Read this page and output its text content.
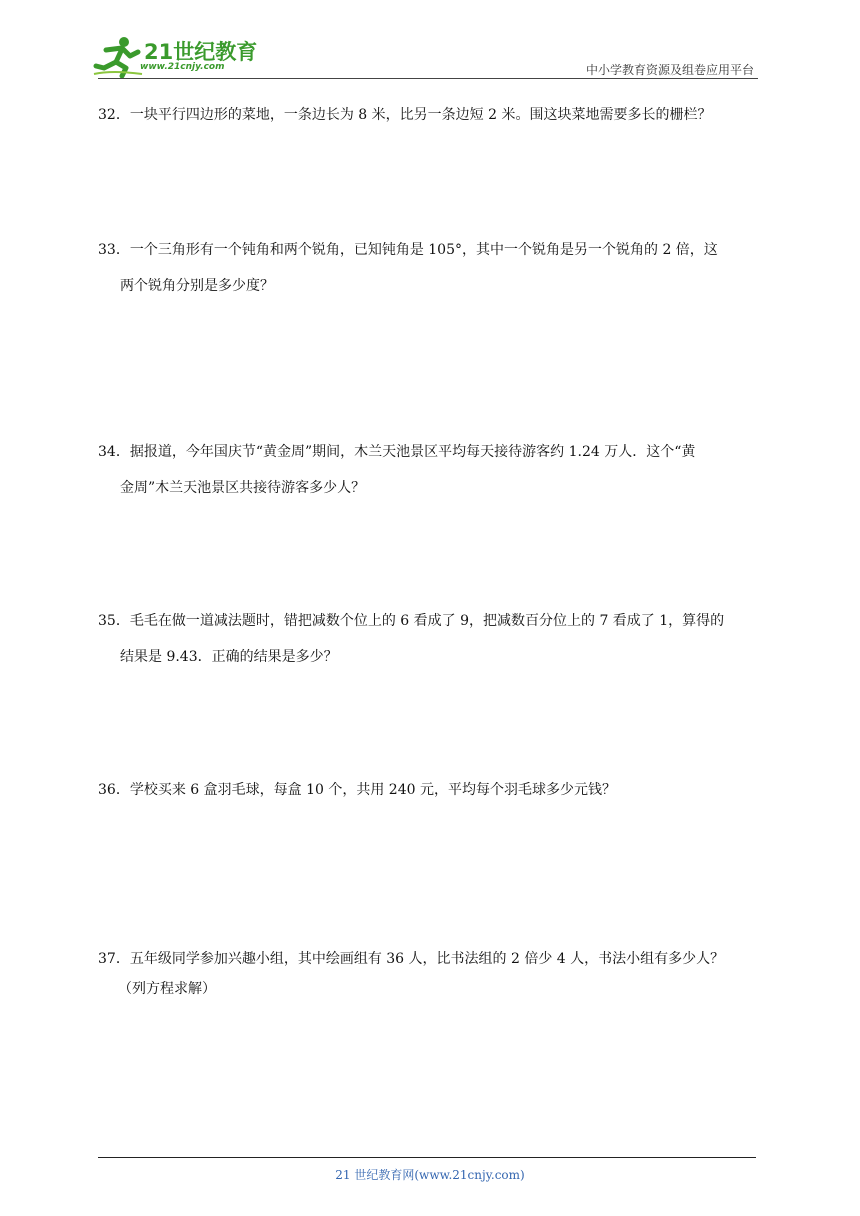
21世纪教育
www.21cnjy.com	中小学教育资源及组卷应用平台
32．一块平行四边形的菜地，一条边长为 8 米，比另一条边短 2 米。围这块菜地需要多长的栅栏？
33．一个三角形有一个钝角和两个锐角，已知钝角是 105°，其中一个锐角是另一个锐角的 2 倍，这
两个锐角分别是多少度？
34．据报道，今年国庆节“黄金周”期间，木兰天池景区平均每天接待游客约 1.24 万人．这个“黄
金周”木兰天池景区共接待游客多少人？
35．毛毛在做一道减法题时，错把减数个位上的 6 看成了 9，把减数百分位上的 7 看成了 1，算得的
结果是 9.43．正确的结果是多少？
36．学校买来 6 盒羽毛球，每盒 10 个，共用 240 元，平均每个羽毛球多少元钱？
37．五年级同学参加兴趣小组，其中绘画组有 36 人，比书法组的 2 倍少 4 人，书法小组有多少人？
（列方程求解）
21 世纪教育网(www.21cnjy.com)
